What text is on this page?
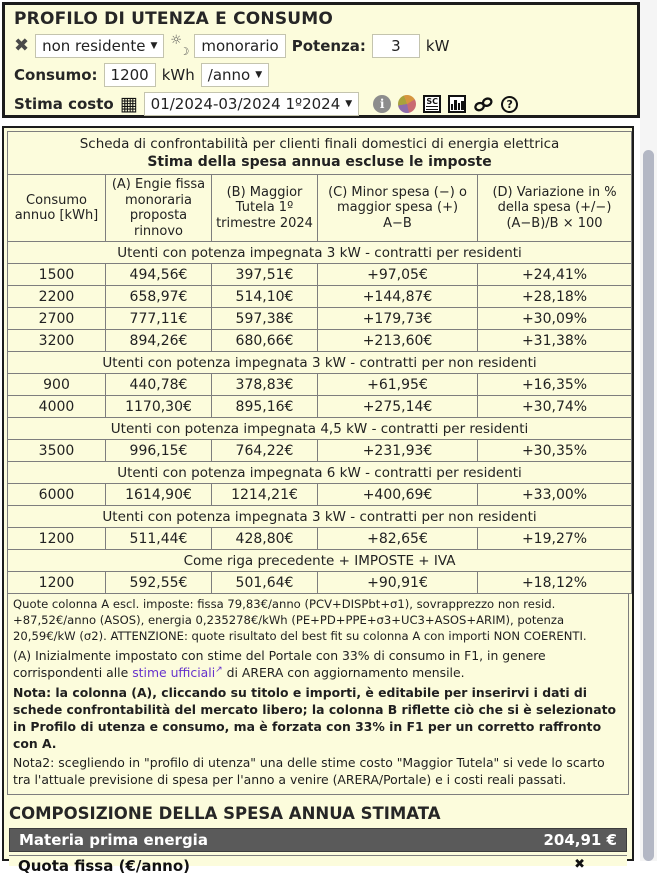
PROFILO DI UTENZA E CONSUMO
✖ non residente ▼ ☼
☽ monorario Potenza:	3	kW
Consumo: 1200 kWh /anno ▼
Stima costo ▦ 01/2024-03/2024 1º2024 ▼	i	SC	?
Scheda di confrontabilità per clienti finali domestici di energia elettrica
Stima della spesa annua escluse le imposte				

Consumo annuo [kWh]	(A) Engie fissa monoraria proposta rinnovo	(B) Maggior Tutela 1º trimestre 2024	(C) Minor spesa (−) o maggior spesa (+) A−B	(D) Variazione in % della spesa (+/−) (A−B)/B × 100
Utenti con potenza impegnata 3 kW - contratti per residenti				
1500	494,56€	397,51€	+97,05€	+24,41%
2200	658,97€	514,10€	+144,87€	+28,18%
2700	777,11€	597,38€	+179,73€	+30,09%
3200	894,26€	680,66€	+213,60€	+31,38%
Utenti con potenza impegnata 3 kW - contratti per non residenti				
900	440,78€	378,83€	+61,95€	+16,35%
4000	1170,30€	895,16€	+275,14€	+30,74%
Utenti con potenza impegnata 4,5 kW - contratti per residenti				
3500	996,15€	764,22€	+231,93€	+30,35%
Utenti con potenza impegnata 6 kW - contratti per residenti				
6000	1614,90€	1214,21€	+400,69€	+33,00%
Utenti con potenza impegnata 3 kW - contratti per non residenti				
1200	511,44€	428,80€	+82,65€	+19,27%
Come riga precedente + IMPOSTE + IVA				
1200	592,55€	501,64€	+90,91€	+18,12%

Quote colonna A escl. imposte: fissa 79,83€/anno (PCV+DISPbt+σ1), sovrapprezzo non resid. +87,52€/anno (ASOS), energia 0,235278€/kWh (PE+PD+PPE+σ3+UC3+ASOS+ARIM), potenza 20,59€/kW (σ2). ATTENZIONE: quote risultato del best fit su colonna A con importi NON COERENTI.

(A) Inizialmente impostato con stime del Portale con 33% di consumo in F1, in genere corrispondenti alle stime ufficiali↗ di ARERA con aggiornamento mensile.

Nota: la colonna (A), cliccando su titolo e importi, è editabile per inserirvi i dati di schede confrontabilità del mercato libero; la colonna B riflette ciò che si è selezionato in Profilo di utenza e consumo, ma è forzata con 33% in F1 per un corretto raffronto con A.

Nota2: scegliendo in "profilo di utenza" una delle stime costo "Maggior Tutela" si vede lo scarto tra l'attuale previsione di spesa per l'anno a venire (ARERA/Portale) e i costi reali passati.

COMPOSIZIONE DELLA SPESA ANNUA STIMATA
Materia prima energia	204,91 €
Quota fissa (€/anno)	✖
